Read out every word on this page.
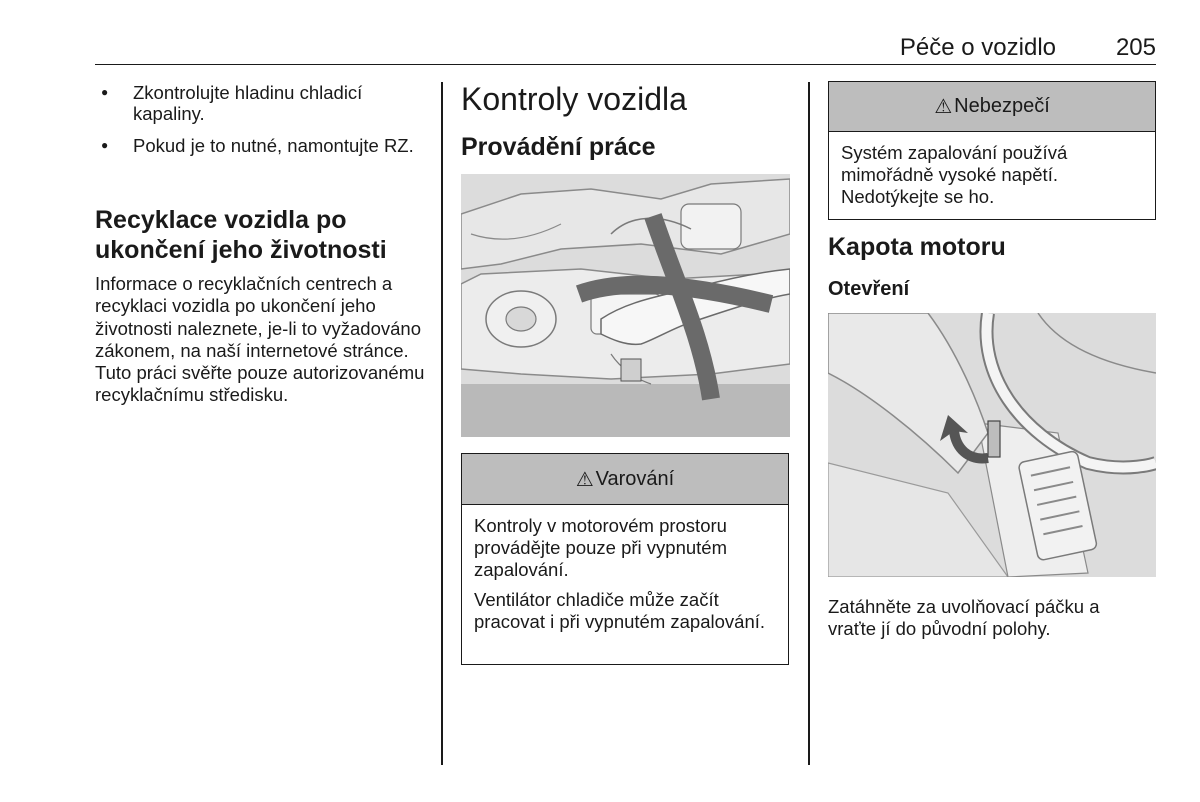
Péče o vozidlo 205
● Zkontrolujte hladinu chladicí kapaliny.
● Pokud je to nutné, namontujte RZ.
Recyklace vozidla po ukončení jeho životnosti

Informace o recyklačních centrech a recyklaci vozidla po ukončení jeho životnosti naleznete, je-li to vyžadováno zákonem, na naší internetové stránce. Tuto práci svěřte pouze autorizovanému recyklačnímu středisku.

Kontroly vozidla
Provádění práce
⚠ Varování

Kontroly v motorovém prostoru provádějte pouze při vypnutém zapalování.

Ventilátor chladiče může začít pracovat i při vypnutém zapalování.

⚠ Nebezpečí

Systém zapalování používá mimořádně vysoké napětí. Nedotýkejte se ho.

Kapota motoru
Otevření

Zatáhněte za uvolňovací páčku a vraťte jí do původní polohy.
